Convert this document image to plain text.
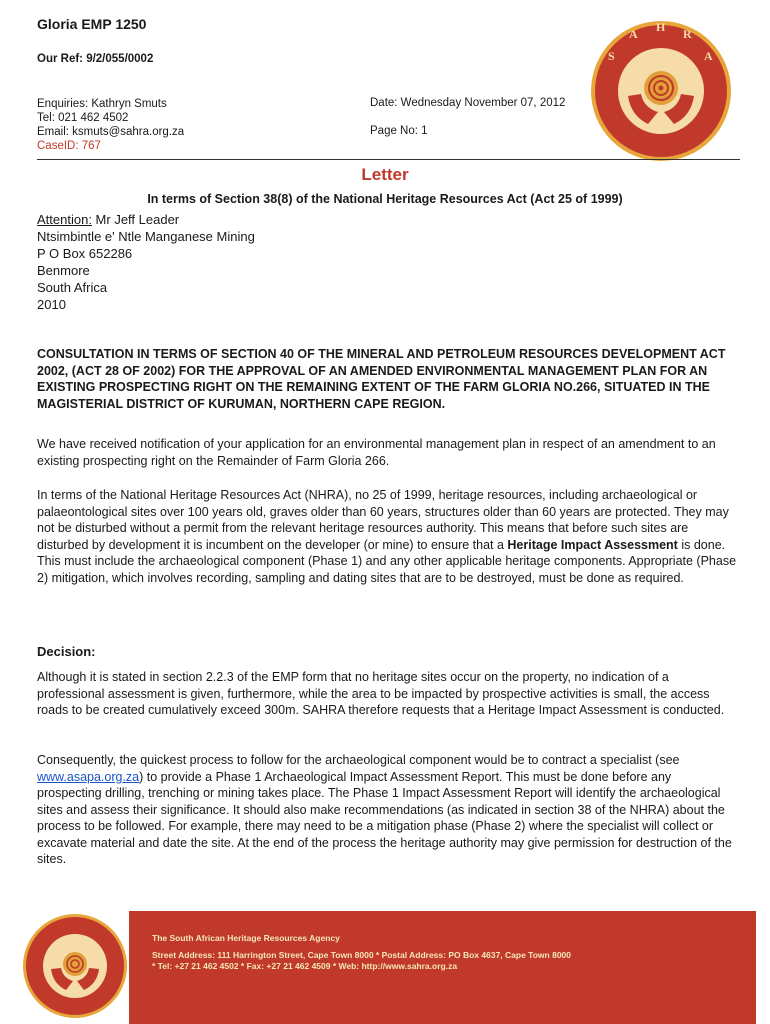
Gloria EMP 1250
Our Ref: 9/2/055/0002
Enquiries: Kathryn Smuts
Tel: 021 462 4502
Email: ksmuts@sahra.org.za
CaseID: 767
Date: Wednesday November 07, 2012
Page No: 1
S
A H R
A
Letter
In terms of Section 38(8) of the National Heritage Resources Act (Act 25 of 1999)
Attention: Mr Jeff Leader
Ntsimbintle e' Ntle Manganese Mining
P O Box 652286
Benmore
South Africa
2010
CONSULTATION IN TERMS OF SECTION 40 OF THE MINERAL AND PETROLEUM RESOURCES DEVELOPMENT ACT 2002, (ACT 28 OF 2002) FOR THE APPROVAL OF AN AMENDED ENVIRONMENTAL MANAGEMENT PLAN FOR AN EXISTING PROSPECTING RIGHT ON THE REMAINING EXTENT OF THE FARM GLORIA NO.266, SITUATED IN THE MAGISTERIAL DISTRICT OF KURUMAN, NORTHERN CAPE REGION.
We have received notification of your application for an environmental management plan in respect of an amendment to an existing prospecting right on the Remainder of Farm Gloria 266.
In terms of the National Heritage Resources Act (NHRA), no 25 of 1999, heritage resources, including archaeological or palaeontological sites over 100 years old, graves older than 60 years, structures older than 60 years are protected. They may not be disturbed without a permit from the relevant heritage resources authority. This means that before such sites are disturbed by development it is incumbent on the developer (or mine) to ensure that a Heritage Impact Assessment is done. This must include the archaeological component (Phase 1) and any other applicable heritage components. Appropriate (Phase 2) mitigation, which involves recording, sampling and dating sites that are to be destroyed, must be done as required.
Decision:
Although it is stated in section 2.2.3 of the EMP form that no heritage sites occur on the property, no indication of a professional assessment is given, furthermore, while the area to be impacted by prospective activities is small, the access roads to be created cumulatively exceed 300m. SAHRA therefore requests that a Heritage Impact Assessment is conducted.
Consequently, the quickest process to follow for the archaeological component would be to contract a specialist (see www.asapa.org.za) to provide a Phase 1 Archaeological Impact Assessment Report. This must be done before any prospecting drilling, trenching or mining takes place. The Phase 1 Impact Assessment Report will identify the archaeological sites and assess their significance. It should also make recommendations (as indicated in section 38 of the NHRA) about the process to be followed. For example, there may need to be a mitigation phase (Phase 2) where the specialist will collect or excavate material and date the site. At the end of the process the heritage authority may give permission for destruction of the sites.
The South African Heritage Resources Agency
Street Address: 111 Harrington Street, Cape Town 8000 * Postal Address: PO Box 4637, Cape Town 8000
* Tel: +27 21 462 4502 * Fax: +27 21 462 4509 * Web: http://www.sahra.org.za
